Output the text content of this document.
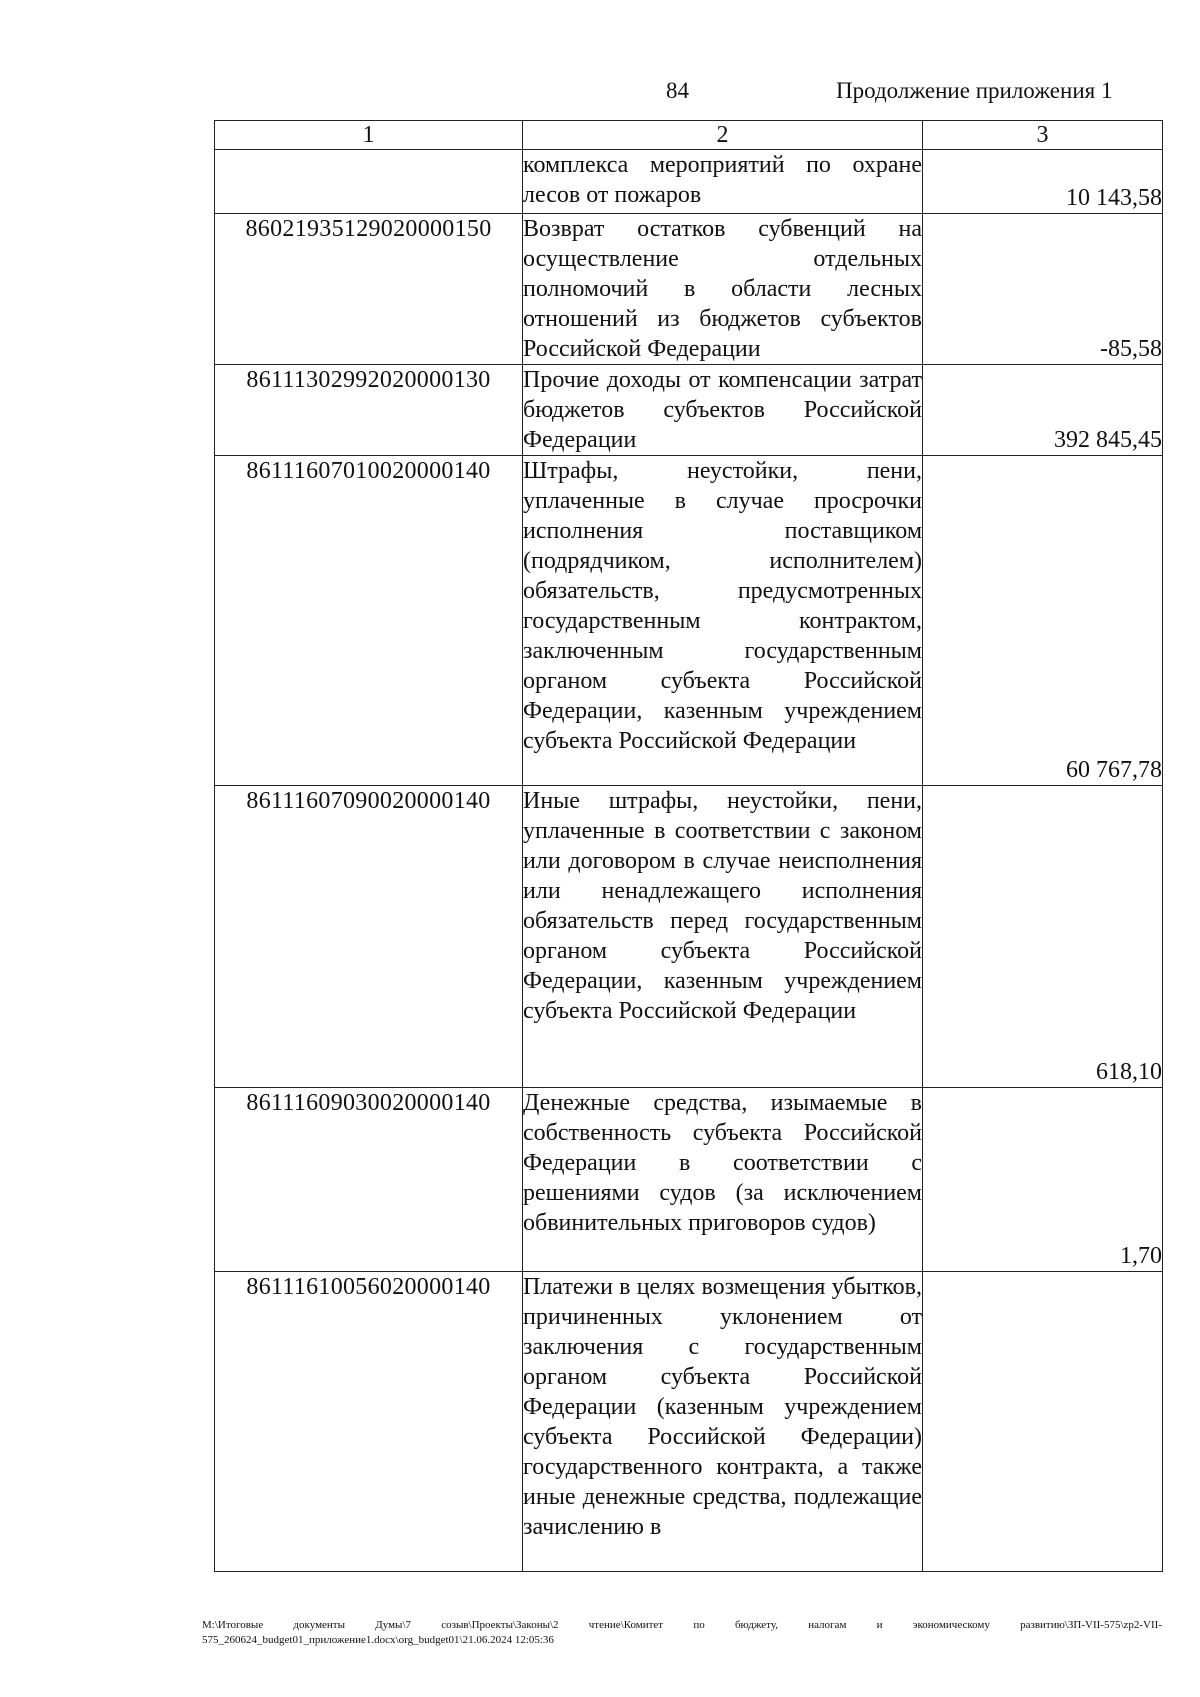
84	Продолжение приложения 1
1	2	3
	комплекса мероприятий по охране лесов от пожаров	10 143,58
86021935129020000150	Возврат остатков субвенций на осуществление отдельных полномочий в области лесных отношений из бюджетов субъектов Российской Федерации	-85,58
86111302992020000130	Прочие доходы от компенсации затрат бюджетов субъектов Российской Федерации	392 845,45
86111607010020000140	Штрафы, неустойки, пени, уплаченные в случае просрочки исполнения поставщиком (подрядчиком, исполнителем) обязательств, предусмотренных государственным контрактом, заключенным государственным органом субъекта Российской Федерации, казенным учреждением субъекта Российской Федерации	60 767,78
86111607090020000140	Иные штрафы, неустойки, пени, уплаченные в соответствии с законом или договором в случае неисполнения или ненадлежащего исполнения обязательств перед государственным органом субъекта Российской Федерации, казенным учреждением субъекта Российской Федерации	618,10
86111609030020000140	Денежные средства, изымаемые в собственность субъекта Российской Федерации в соответствии с решениями судов (за исключением обвинительных приговоров судов)	1,70
86111610056020000140	Платежи в целях возмещения убытков, причиненных уклонением от заключения с государственным органом субъекта Российской Федерации (казенным учреждением субъекта Российской Федерации) государственного контракта, а также иные денежные средства, подлежащие зачислению в	
М:\Итоговые документы Думы\7 созыв\Проекты\Законы\2 чтение\Комитет по бюджету, налогам и экономическому развитию\ЗП-VII-575\zp2-VII-575_260624_budget01_приложение1.docx\org_budget01\21.06.2024 12:05:36
